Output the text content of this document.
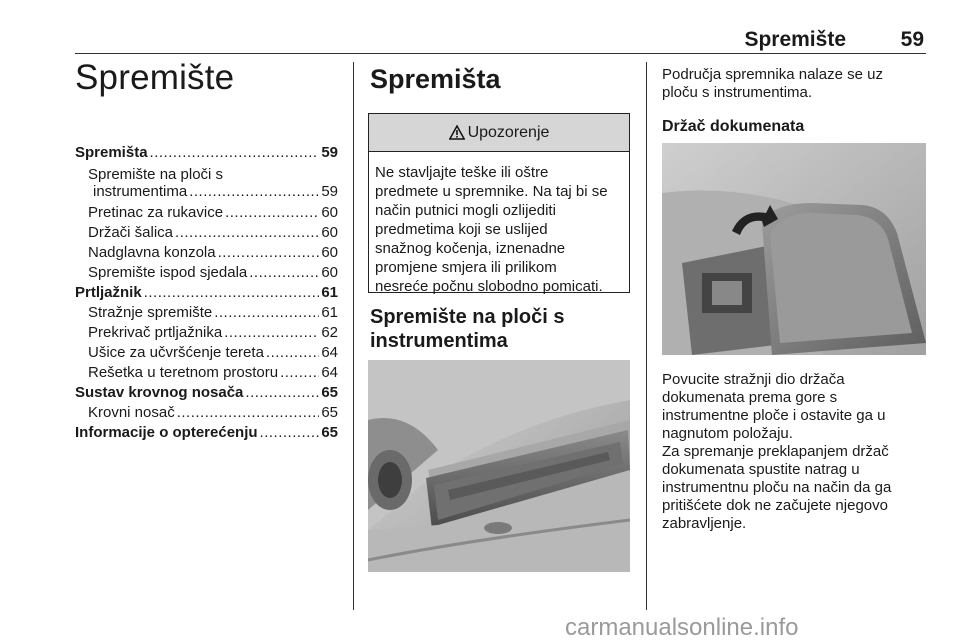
Spremište	59
Spremište
Spremišta .....	59
Spremište na ploči s
instrumentima .....	59
Pretinac za rukavice .....	60
Držači šalica .....	60
Nadglavna konzola .....	60
Spremište ispod sjedala .....	60
Prtljažnik .....	61
Stražnje spremište .....	61
Prekrivač prtljažnika .....	62
Ušice za učvršćenje tereta .....	64
Rešetka u teretnom prostoru .....	64
Sustav krovnog nosača .....	65
Krovni nosač .....	65
Informacije o opterećenju .....	65
Spremišta
Upozorenje
Ne stavljajte teške ili oštre
predmete u spremnike. Na taj bi se
način putnici mogli ozlijediti
predmetima koji se uslijed
snažnog kočenja, iznenadne
promjene smjera ili prilikom
nesreće počnu slobodno pomicati.
Spremište na ploči s
instrumentima
Područja spremnika nalaze se uz
ploču s instrumentima.
Držač dokumenata
Povucite stražnji dio držača
dokumenata prema gore s
instrumentne ploče i ostavite ga u
nagnutom položaju.
Za spremanje preklapanjem držač
dokumenata spustite natrag u
instrumentnu ploču na način da ga
pritišćete dok ne začujete njegovo
zabravljenje.
carmanualsonline.info
